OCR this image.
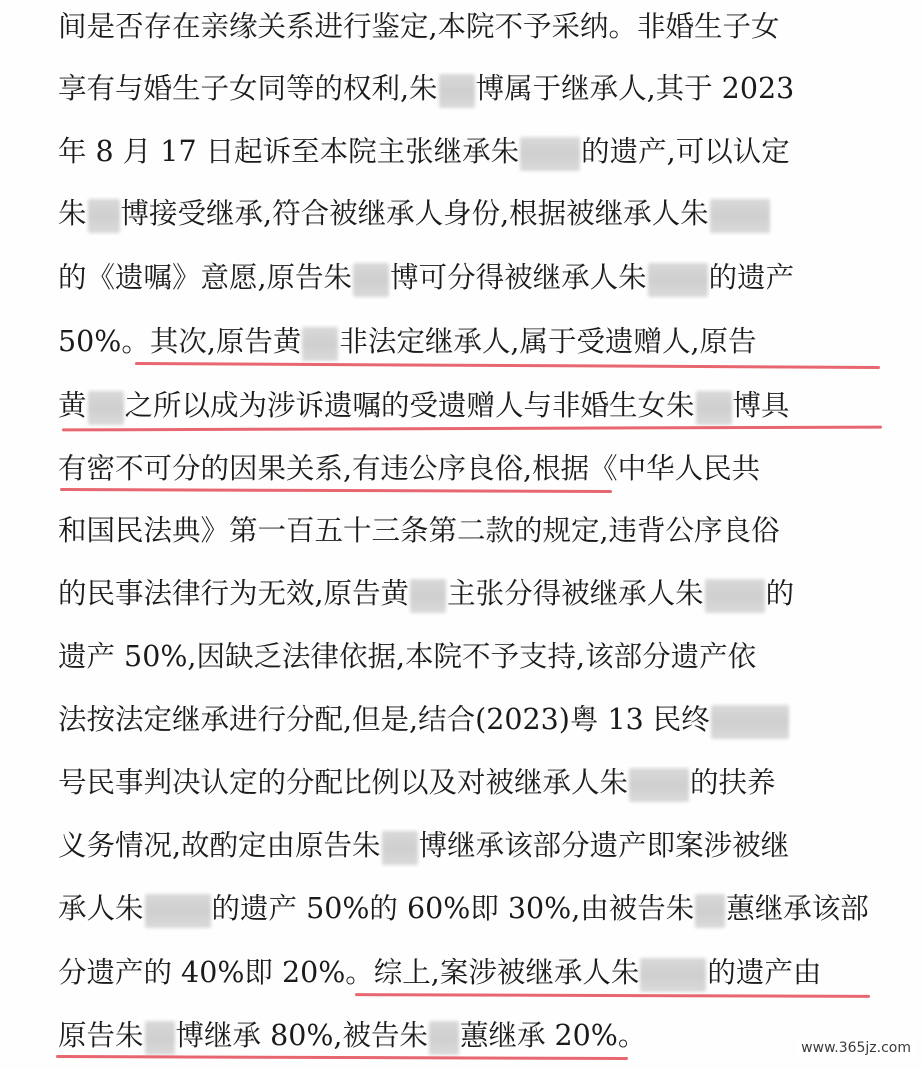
间是否存在亲缘关系进行鉴定,本院不予采纳。非婚生子女
享有与婚生子女同等的权利,朱 博属于继承人,其于 2023
年 8 月 17 日起诉至本院主张继承朱 的遗产,可以认定
朱 博接受继承,符合被继承人身份,根据被继承人朱
的《遗嘱》意愿,原告朱 博可分得被继承人朱 的遗产
50%。其次,原告黄 非法定继承人,属于受遗赠人,原告
黄 之所以成为涉诉遗嘱的受遗赠人与非婚生女朱 博具
有密不可分的因果关系,有违公序良俗,根据《中华人民共
和国民法典》第一百五十三条第二款的规定,违背公序良俗
的民事法律行为无效,原告黄 主张分得被继承人朱 的
遗产 50%,因缺乏法律依据,本院不予支持,该部分遗产依
法按法定继承进行分配,但是,结合(2023)粤 13 民终
号民事判决认定的分配比例以及对被继承人朱 的扶养
义务情况,故酌定由原告朱 博继承该部分遗产即案涉被继
承人朱 的遗产 50%的 60%即 30%,由被告朱 蕙继承该部
分遗产的 40%即 20%。综上,案涉被继承人朱 的遗产由
原告朱 博继承 80%,被告朱 蕙继承 20%。	www.365jz.com
